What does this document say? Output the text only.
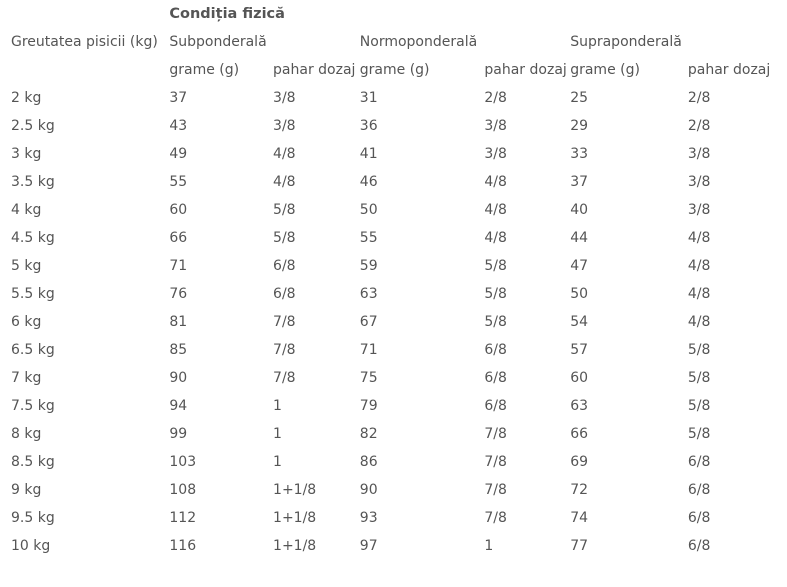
	Condiția fizică					
Greutatea pisicii (kg)	Subponderală		Normoponderală		Supraponderală	
	grame (g)	pahar dozaj	grame (g)	pahar dozaj	grame (g)	pahar dozaj
2 kg	37	3/8	31	2/8	25	2/8
2.5 kg	43	3/8	36	3/8	29	2/8
3 kg	49	4/8	41	3/8	33	3/8
3.5 kg	55	4/8	46	4/8	37	3/8
4 kg	60	5/8	50	4/8	40	3/8
4.5 kg	66	5/8	55	4/8	44	4/8
5 kg	71	6/8	59	5/8	47	4/8
5.5 kg	76	6/8	63	5/8	50	4/8
6 kg	81	7/8	67	5/8	54	4/8
6.5 kg	85	7/8	71	6/8	57	5/8
7 kg	90	7/8	75	6/8	60	5/8
7.5 kg	94	1	79	6/8	63	5/8
8 kg	99	1	82	7/8	66	5/8
8.5 kg	103	1	86	7/8	69	6/8
9 kg	108	1+1/8	90	7/8	72	6/8
9.5 kg	112	1+1/8	93	7/8	74	6/8
10 kg	116	1+1/8	97	1	77	6/8
